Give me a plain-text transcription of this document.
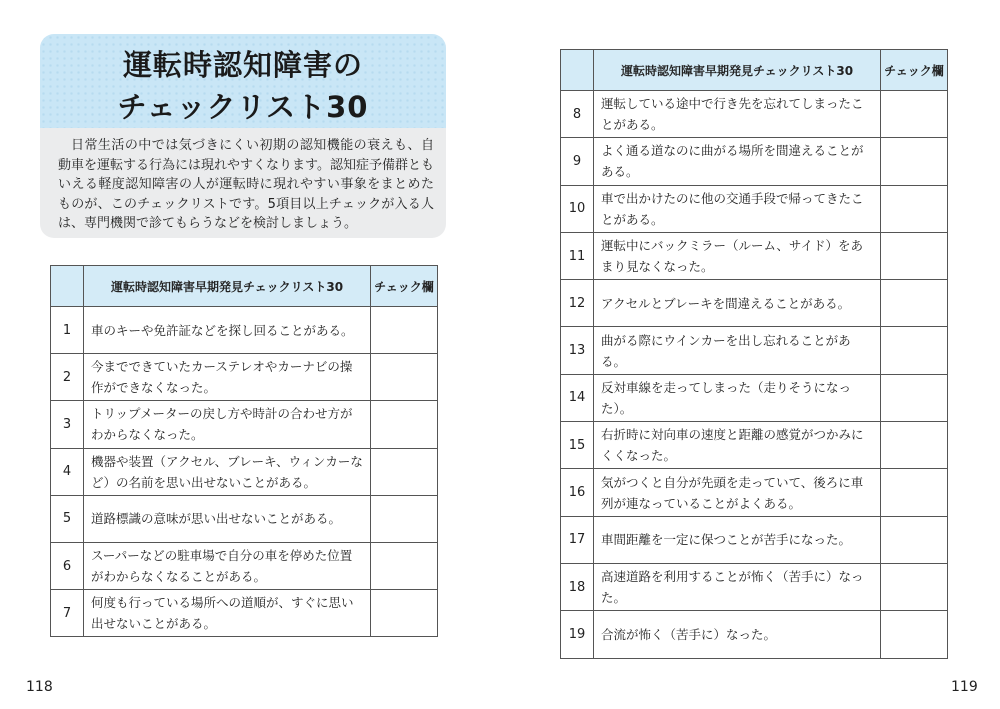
運転時認知障害の
チェックリスト30
日常生活の中では気づきにくい初期の認知機能の衰えも、自動車を運転する行為には現れやすくなります。認知症予備群ともいえる軽度認知障害の人が運転時に現れやすい事象をまとめたものが、このチェックリストです。5項目以上チェックが入る人は、専門機関で診てもらうなどを検討しましょう。
	運転時認知障害早期発見チェックリスト30	チェック欄
1	車のキーや免許証などを探し回ることがある。	
2	今までできていたカーステレオやカーナビの操作ができなくなった。	
3	トリップメーターの戻し方や時計の合わせ方がわからなくなった。	
4	機器や装置（アクセル、ブレーキ、ウィンカーなど）の名前を思い出せないことがある。	
5	道路標識の意味が思い出せないことがある。	
6	スーパーなどの駐車場で自分の車を停めた位置がわからなくなることがある。	
7	何度も行っている場所への道順が、すぐに思い出せないことがある。	
	運転時認知障害早期発見チェックリスト30	チェック欄
8	運転している途中で行き先を忘れてしまったことがある。	
9	よく通る道なのに曲がる場所を間違えることがある。	
10	車で出かけたのに他の交通手段で帰ってきたことがある。	
11	運転中にバックミラー（ルーム、サイド）をあまり見なくなった。	
12	アクセルとブレーキを間違えることがある。	
13	曲がる際にウインカーを出し忘れることがある。	
14	反対車線を走ってしまった（走りそうになった）。	
15	右折時に対向車の速度と距離の感覚がつかみにくくなった。	
16	気がつくと自分が先頭を走っていて、後ろに車列が連なっていることがよくある。	
17	車間距離を一定に保つことが苦手になった。	
18	高速道路を利用することが怖く（苦手に）なった。	
19	合流が怖く（苦手に）なった。	
118	119
